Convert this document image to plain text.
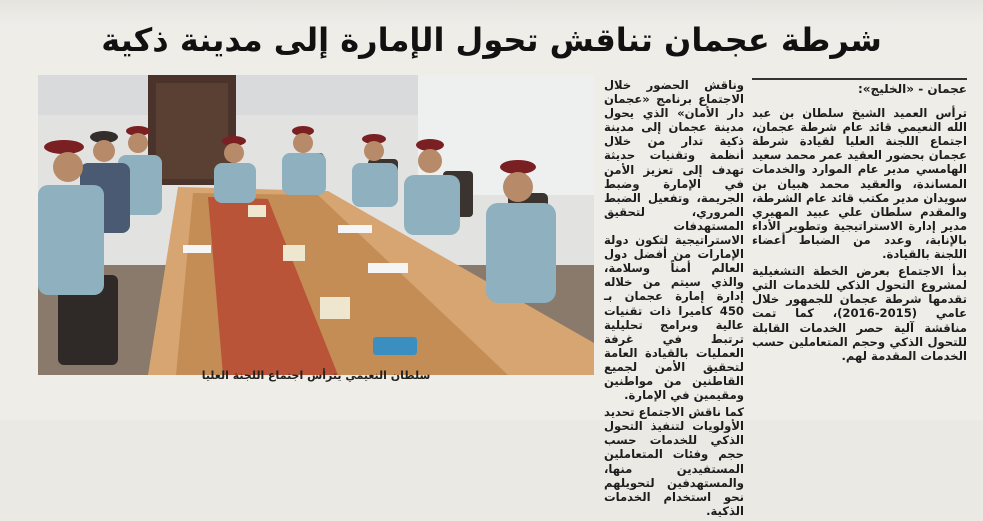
شرطة عجمان تناقش تحول الإمارة إلى مدينة ذكية
سلطان النعيمي يترأس اجتماع اللجنة العليا
عجمان - «الخليج»:

ترأس العميد الشيخ سلطان بن عبد الله النعيمي قائد عام شرطة عجمان، اجتماع اللجنة العليا لقيادة شرطة عجمان بحضور العقيد عمر محمد سعيد الهامسي مدير عام الموارد والخدمات المساندة، والعقيد محمد هبيان بن سويدان مدير مكتب قائد عام الشرطة، والمقدم سلطان علي عبيد المهيري مدير إدارة الاستراتيجية وتطوير الأداء بالإنابة، وعدد من الضباط أعضاء اللجنة بالقيادة.

بدأ الاجتماع بعرض الخطة التشغيلية لمشروع التحول الذكي للخدمات التي تقدمها شرطة عجمان للجمهور خلال عامي (2015-2016)، كما تمت مناقشة آلية حصر الخدمات القابلة للتحول الذكي وحجم المتعاملين حسب الخدمات المقدمة لهم.

وناقش الحضور خلال الاجتماع برنامج «عجمان دار الأمان» الذي يحول مدينة عجمان إلى مدينة ذكية تدار من خلال أنظمة وتقنيات حديثة تهدف إلى تعزيز الأمن في الإمارة وضبط الجريمة، وتفعيل الضبط المروري، لتحقيق المستهدفات الاستراتيجية لتكون دولة الإمارات من أفضل دول العالم أمناً وسلامة، والذي سيتم من خلاله إدارة إمارة عجمان بـ 450 كاميرا ذات تقنيات عالية وبرامج تحليلية ترتبط في غرفة العمليات بالقيادة العامة لتحقيق الأمن لجميع القاطنين من مواطنين ومقيمين في الإمارة.

كما ناقش الاجتماع تحديد الأولويات لتنفيذ التحول الذكي للخدمات حسب حجم وفئات المتعاملين المستفيدين منها، والمستهدفين لتحويلهم نحو استخدام الخدمات الذكية.
